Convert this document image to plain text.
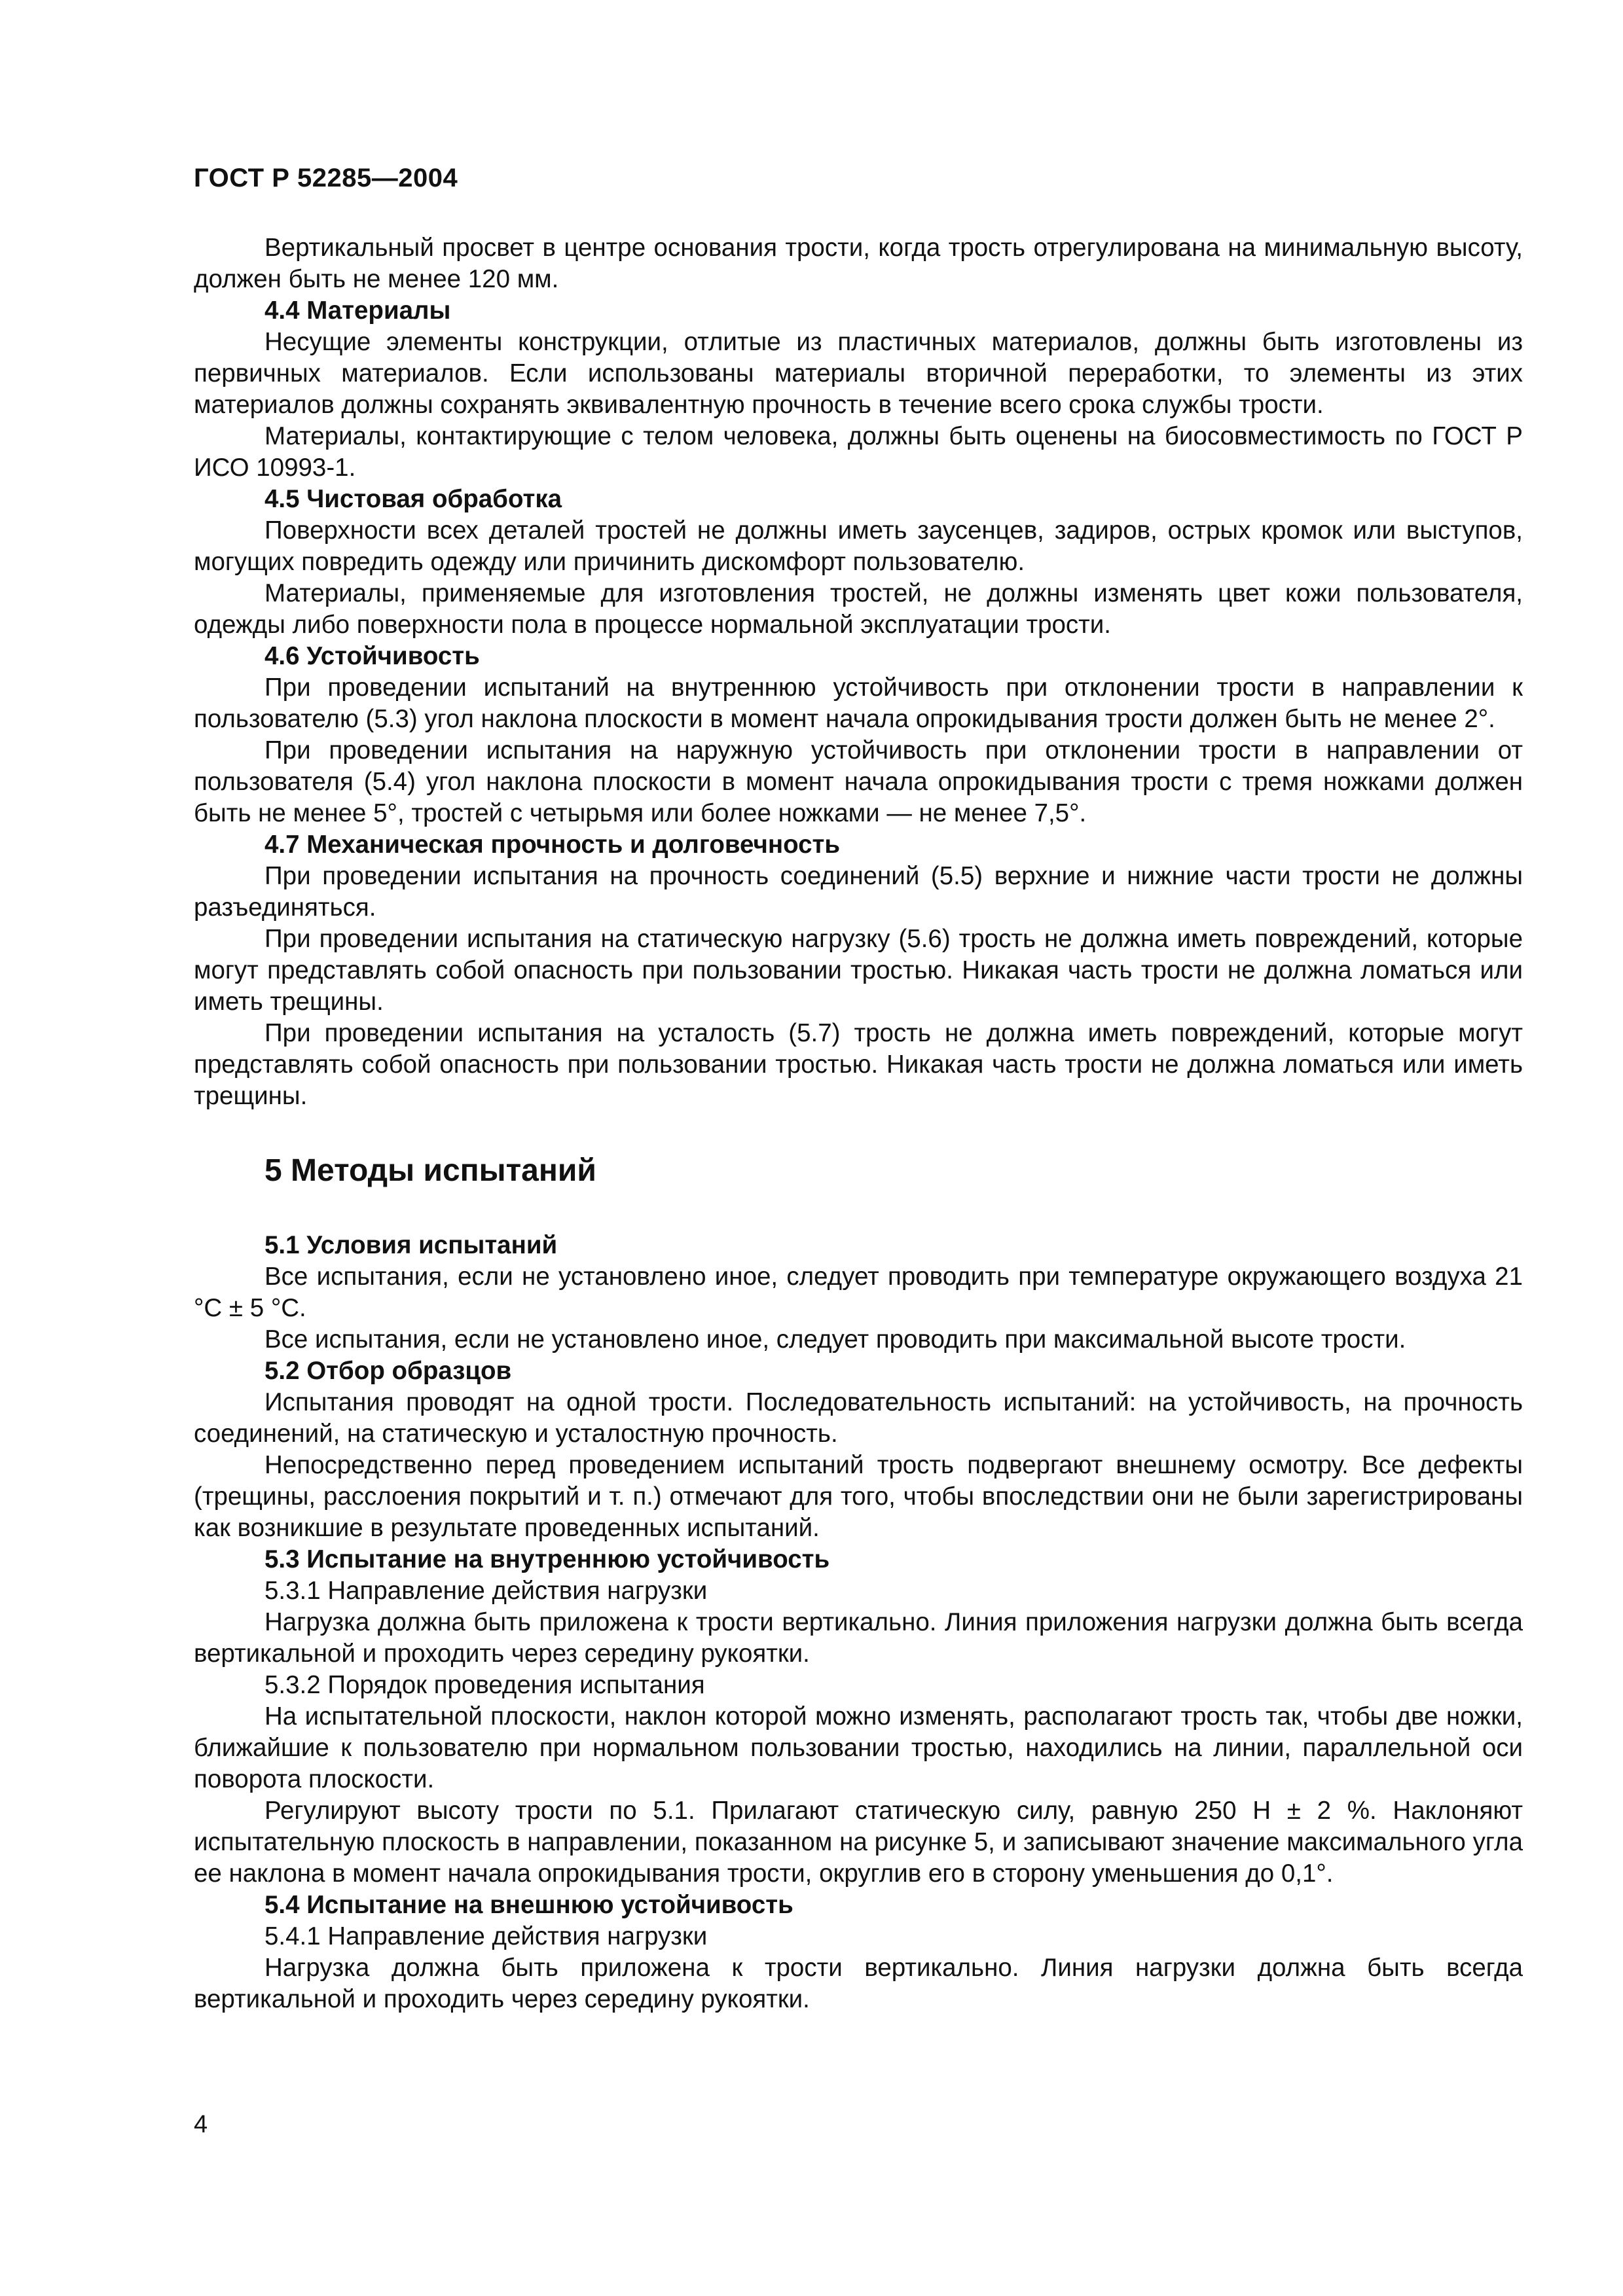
ГОСТ Р 52285—2004

Вертикальный просвет в центре основания трости, когда трость отрегулирована на минимальную высоту, должен быть не менее 120 мм.

4.4 Материалы

Несущие элементы конструкции, отлитые из пластичных материалов, должны быть изготовлены из первичных материалов. Если использованы материалы вторичной переработки, то элементы из этих материалов должны сохранять эквивалентную прочность в течение всего срока службы трости.

Материалы, контактирующие с телом человека, должны быть оценены на биосовместимость по ГОСТ Р ИСО 10993-1.

4.5 Чистовая обработка

Поверхности всех деталей тростей не должны иметь заусенцев, задиров, острых кромок или выступов, могущих повредить одежду или причинить дискомфорт пользователю.

Материалы, применяемые для изготовления тростей, не должны изменять цвет кожи пользователя, одежды либо поверхности пола в процессе нормальной эксплуатации трости.

4.6 Устойчивость

При проведении испытаний на внутреннюю устойчивость при отклонении трости в направлении к пользователю (5.3) угол наклона плоскости в момент начала опрокидывания трости должен быть не менее 2°.

При проведении испытания на наружную устойчивость при отклонении трости в направлении от пользователя (5.4) угол наклона плоскости в момент начала опрокидывания трости с тремя ножками должен быть не менее 5°, тростей с четырьмя или более ножками — не менее 7,5°.

4.7 Механическая прочность и долговечность

При проведении испытания на прочность соединений (5.5) верхние и нижние части трости не должны разъединяться.

При проведении испытания на статическую нагрузку (5.6) трость не должна иметь повреждений, которые могут представлять собой опасность при пользовании тростью. Никакая часть трости не должна ломаться или иметь трещины.

При проведении испытания на усталость (5.7) трость не должна иметь повреждений, которые могут представлять собой опасность при пользовании тростью. Никакая часть трости не должна ломаться или иметь трещины.

5 Методы испытаний

5.1 Условия испытаний

Все испытания, если не установлено иное, следует проводить при температуре окружающего воздуха 21 °С ± 5 °С.

Все испытания, если не установлено иное, следует проводить при максимальной высоте трости.

5.2 Отбор образцов

Испытания проводят на одной трости. Последовательность испытаний: на устойчивость, на прочность соединений, на статическую и усталостную прочность.

Непосредственно перед проведением испытаний трость подвергают внешнему осмотру. Все дефекты (трещины, расслоения покрытий и т. п.) отмечают для того, чтобы впоследствии они не были зарегистрированы как возникшие в результате проведенных испытаний.

5.3 Испытание на внутреннюю устойчивость

5.3.1 Направление действия нагрузки

Нагрузка должна быть приложена к трости вертикально. Линия приложения нагрузки должна быть всегда вертикальной и проходить через середину рукоятки.

5.3.2 Порядок проведения испытания

На испытательной плоскости, наклон которой можно изменять, располагают трость так, чтобы две ножки, ближайшие к пользователю при нормальном пользовании тростью, находились на линии, параллельной оси поворота плоскости.

Регулируют высоту трости по 5.1. Прилагают статическую силу, равную 250 Н ± 2 %. Наклоняют испытательную плоскость в направлении, показанном на рисунке 5, и записывают значение максимального угла ее наклона в момент начала опрокидывания трости, округлив его в сторону уменьшения до 0,1°.

5.4 Испытание на внешнюю устойчивость

5.4.1 Направление действия нагрузки

Нагрузка должна быть приложена к трости вертикально. Линия нагрузки должна быть всегда вертикальной и проходить через середину рукоятки.

4
